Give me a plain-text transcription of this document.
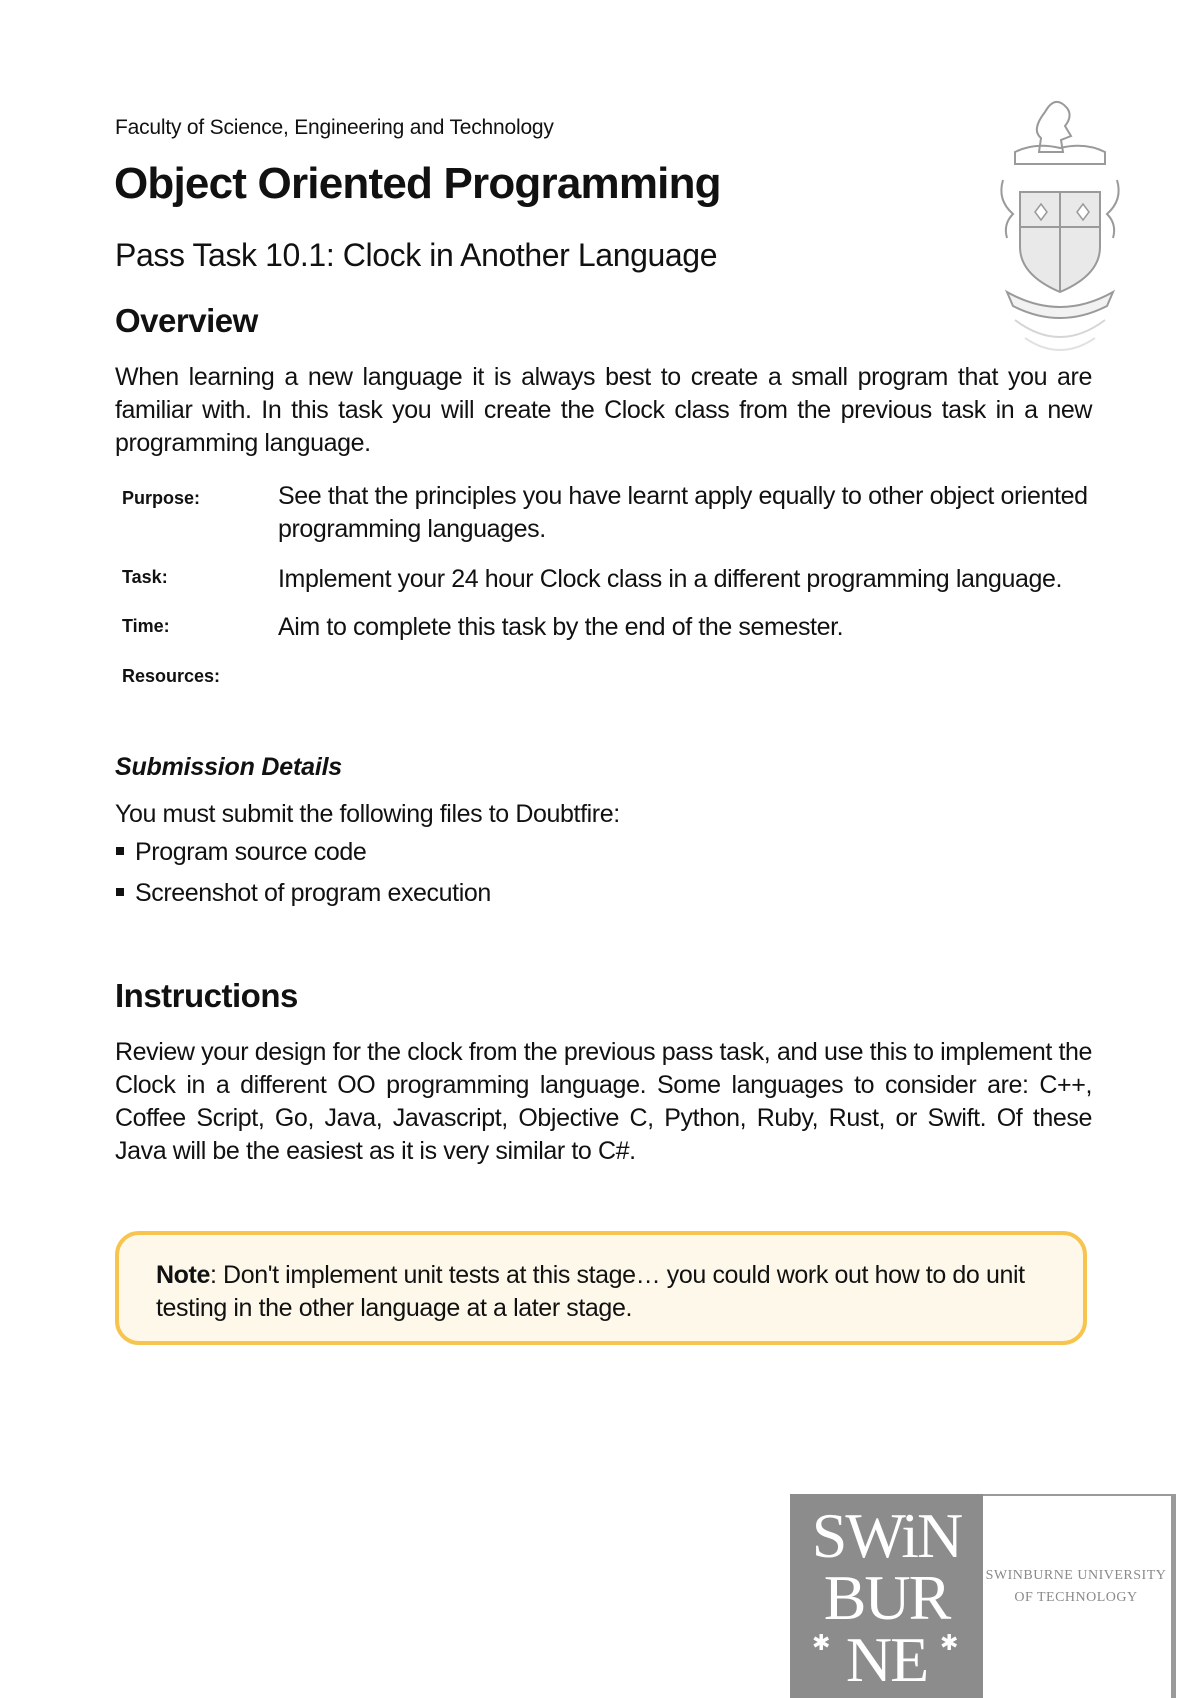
Faculty of Science, Engineering and Technology
Object Oriented Programming
Pass Task 10.1: Clock in Another Language
Overview
When learning a new language it is always best to create a small program that you are familiar with. In this task you will create the Clock class from the previous task in a new programming language.
Purpose:	See that the principles you have learnt apply equally to other object oriented programming languages.
Task:	Implement your 24 hour Clock class in a different programming language.
Time:	Aim to complete this task by the end of the semester.
Resources:
Submission Details
You must submit the following files to Doubtfire:
Program source code
Screenshot of program execution
Instructions
Review your design for the clock from the previous pass task, and use this to implement the Clock in a different OO programming language. Some languages to consider are: C++, Coffee Script, Go, Java, Javascript, Objective C, Python, Ruby, Rust, or Swift. Of these Java will be the easiest as it is very similar to C#.
Note: Don't implement unit tests at this stage… you could work out how to do unit testing in the other language at a later stage.
SWiN
BUR
NE
✱	✱
SWINBURNE UNIVERSITY
OF TECHNOLOGY
